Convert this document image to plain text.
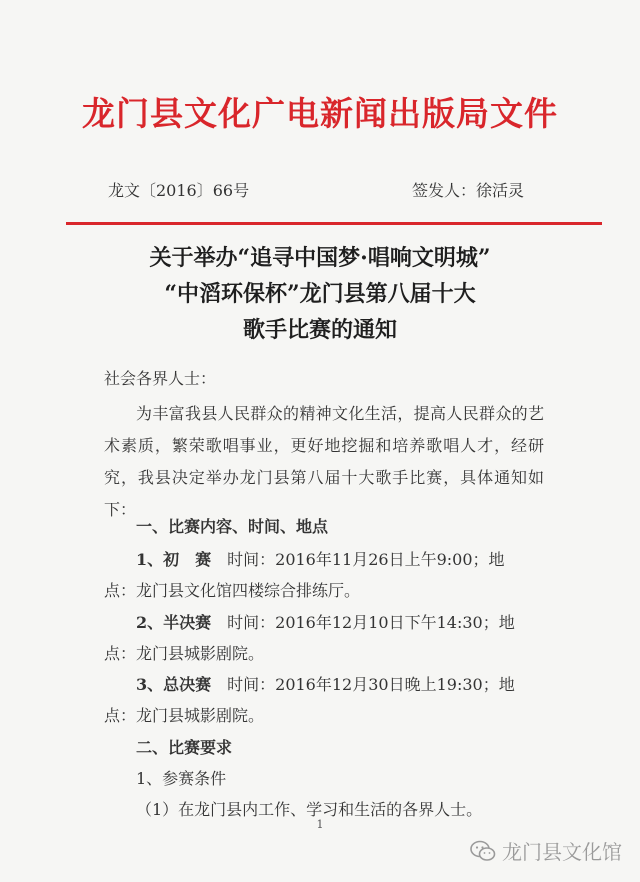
龙门县文化广电新闻出版局文件
龙文〔2016〕66号	签发人：徐活灵
关于举办“追寻中国梦·唱响文明城”
“中滔环保杯”龙门县第八届十大
歌手比赛的通知
社会各界人士：
为丰富我县人民群众的精神文化生活，提高人民群众的艺术素质，繁荣歌唱事业，更好地挖掘和培养歌唱人才，经研究，我县决定举办龙门县第八届十大歌手比赛，具体通知如下：
一、比赛内容、时间、地点
1、初　赛　时间：2016年11月26日上午9:00；地
点：龙门县文化馆四楼综合排练厅。
2、半决赛　时间：2016年12月10日下午14:30；地
点：龙门县城影剧院。
3、总决赛　时间：2016年12月30日晚上19:30；地
点：龙门县城影剧院。
二、比赛要求
1、参赛条件
（1）在龙门县内工作、学习和生活的各界人士。
1
龙门县文化馆
